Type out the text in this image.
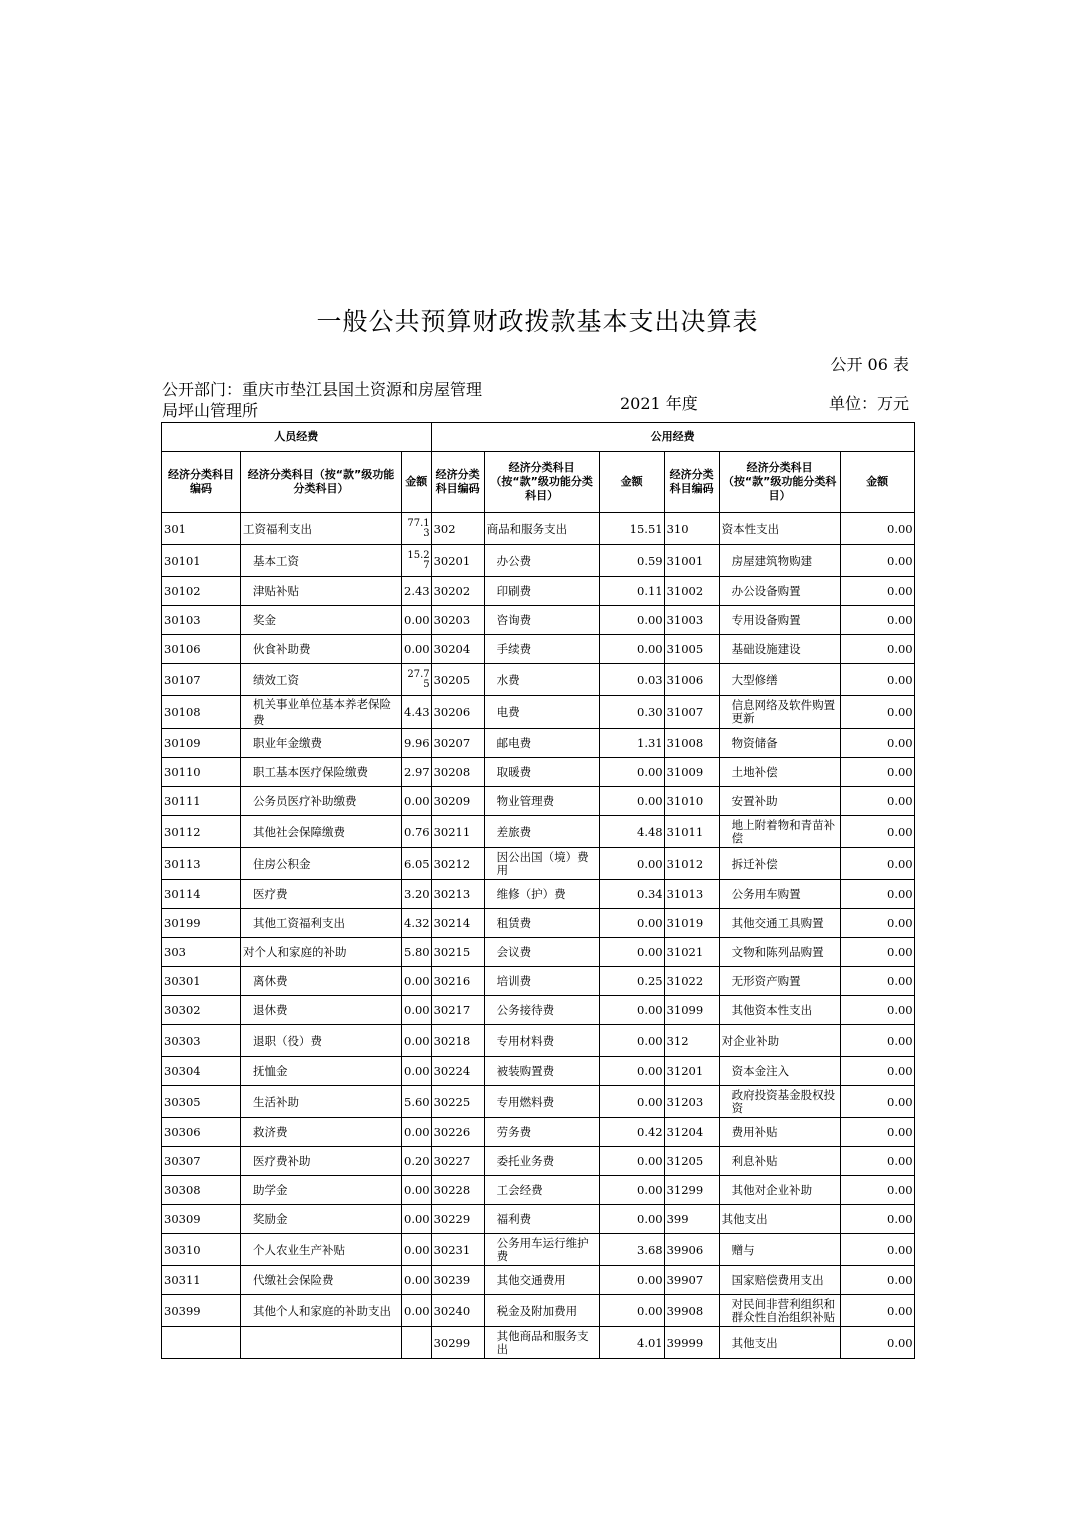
一般公共预算财政拨款基本支出决算表
公开 06 表
公开部门：重庆市垫江县国土资源和房屋管理局坪山管理所	2021 年度	单位：万元
人员经费			公用经费					
经济分类科目编码	经济分类科目（按“款”级功能分类科目）	金额	经济分类科目编码	经济分类科目（按“款”级功能分类科目）	金额	经济分类科目编码	经济分类科目（按“款”级功能分类科目）	金额
301	工资福利支出	77.13	302	商品和服务支出	15.51	310	资本性支出	0.00
30101	基本工资	15.27	30201	办公费	0.59	31001	房屋建筑物购建	0.00
30102	津贴补贴	2.43	30202	印刷费	0.11	31002	办公设备购置	0.00
30103	奖金	0.00	30203	咨询费	0.00	31003	专用设备购置	0.00
30106	伙食补助费	0.00	30204	手续费	0.00	31005	基础设施建设	0.00
30107	绩效工资	27.75	30205	水费	0.03	31006	大型修缮	0.00
30108	机关事业单位基本养老保险费	4.43	30206	电费	0.30	31007	信息网络及软件购置更新	0.00
30109	职业年金缴费	9.96	30207	邮电费	1.31	31008	物资储备	0.00
30110	职工基本医疗保险缴费	2.97	30208	取暖费	0.00	31009	土地补偿	0.00
30111	公务员医疗补助缴费	0.00	30209	物业管理费	0.00	31010	安置补助	0.00
30112	其他社会保障缴费	0.76	30211	差旅费	4.48	31011	地上附着物和青苗补偿	0.00
30113	住房公积金	6.05	30212	因公出国（境）费用	0.00	31012	拆迁补偿	0.00
30114	医疗费	3.20	30213	维修（护）费	0.34	31013	公务用车购置	0.00
30199	其他工资福利支出	4.32	30214	租赁费	0.00	31019	其他交通工具购置	0.00
303	对个人和家庭的补助	5.80	30215	会议费	0.00	31021	文物和陈列品购置	0.00
30301	离休费	0.00	30216	培训费	0.25	31022	无形资产购置	0.00
30302	退休费	0.00	30217	公务接待费	0.00	31099	其他资本性支出	0.00
30303	退职（役）费	0.00	30218	专用材料费	0.00	312	对企业补助	0.00
30304	抚恤金	0.00	30224	被装购置费	0.00	31201	资本金注入	0.00
30305	生活补助	5.60	30225	专用燃料费	0.00	31203	政府投资基金股权投资	0.00
30306	救济费	0.00	30226	劳务费	0.42	31204	费用补贴	0.00
30307	医疗费补助	0.20	30227	委托业务费	0.00	31205	利息补贴	0.00
30308	助学金	0.00	30228	工会经费	0.00	31299	其他对企业补助	0.00
30309	奖励金	0.00	30229	福利费	0.00	399	其他支出	0.00
30310	个人农业生产补贴	0.00	30231	公务用车运行维护费	3.68	39906	赠与	0.00
30311	代缴社会保险费	0.00	30239	其他交通费用	0.00	39907	国家赔偿费用支出	0.00
30399	其他个人和家庭的补助支出	0.00	30240	税金及附加费用	0.00	39908	对民间非营利组织和群众性自治组织补贴	0.00
			30299	其他商品和服务支出	4.01	39999	其他支出	0.00
